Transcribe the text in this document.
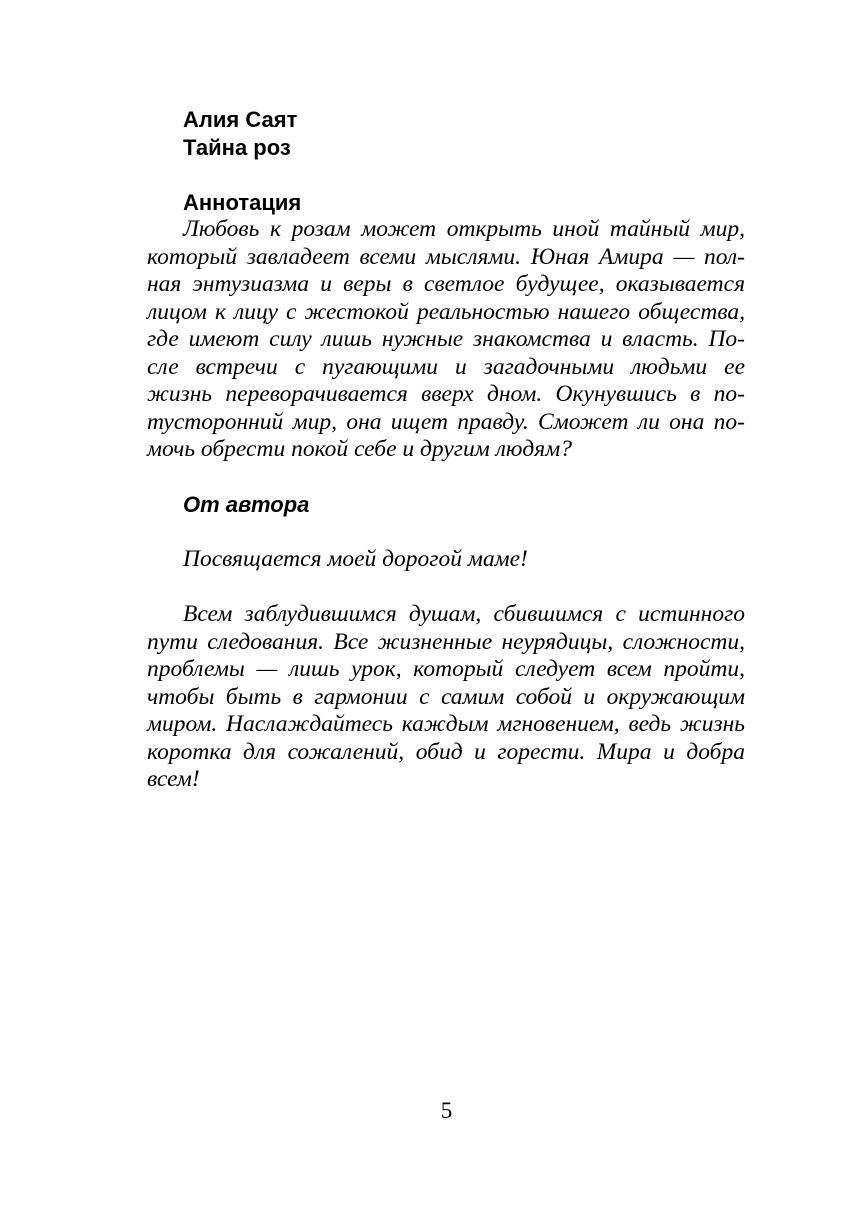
Алия Саят
Тайна роз
Аннотация
Любовь к розам может открыть иной тайный мир,
который завладеет всеми мыслями. Юная Амира — пол-
ная энтузиазма и веры в светлое будущее, оказывается
лицом к лицу с жестокой реальностью нашего общества,
где имеют силу лишь нужные знакомства и власть. По-
сле встречи с пугающими и загадочными людьми ее
жизнь переворачивается вверх дном. Окунувшись в по-
тусторонний мир, она ищет правду. Сможет ли она по-
мочь обрести покой себе и другим людям?
От автора
Посвящается моей дорогой маме!
Всем заблудившимся душам, сбившимся с истинного
пути следования. Все жизненные неурядицы, сложности,
проблемы — лишь урок, который следует всем пройти,
чтобы быть в гармонии с самим собой и окружающим
миром. Наслаждайтесь каждым мгновением, ведь жизнь
коротка для сожалений, обид и горести. Мира и добра
всем!
5
